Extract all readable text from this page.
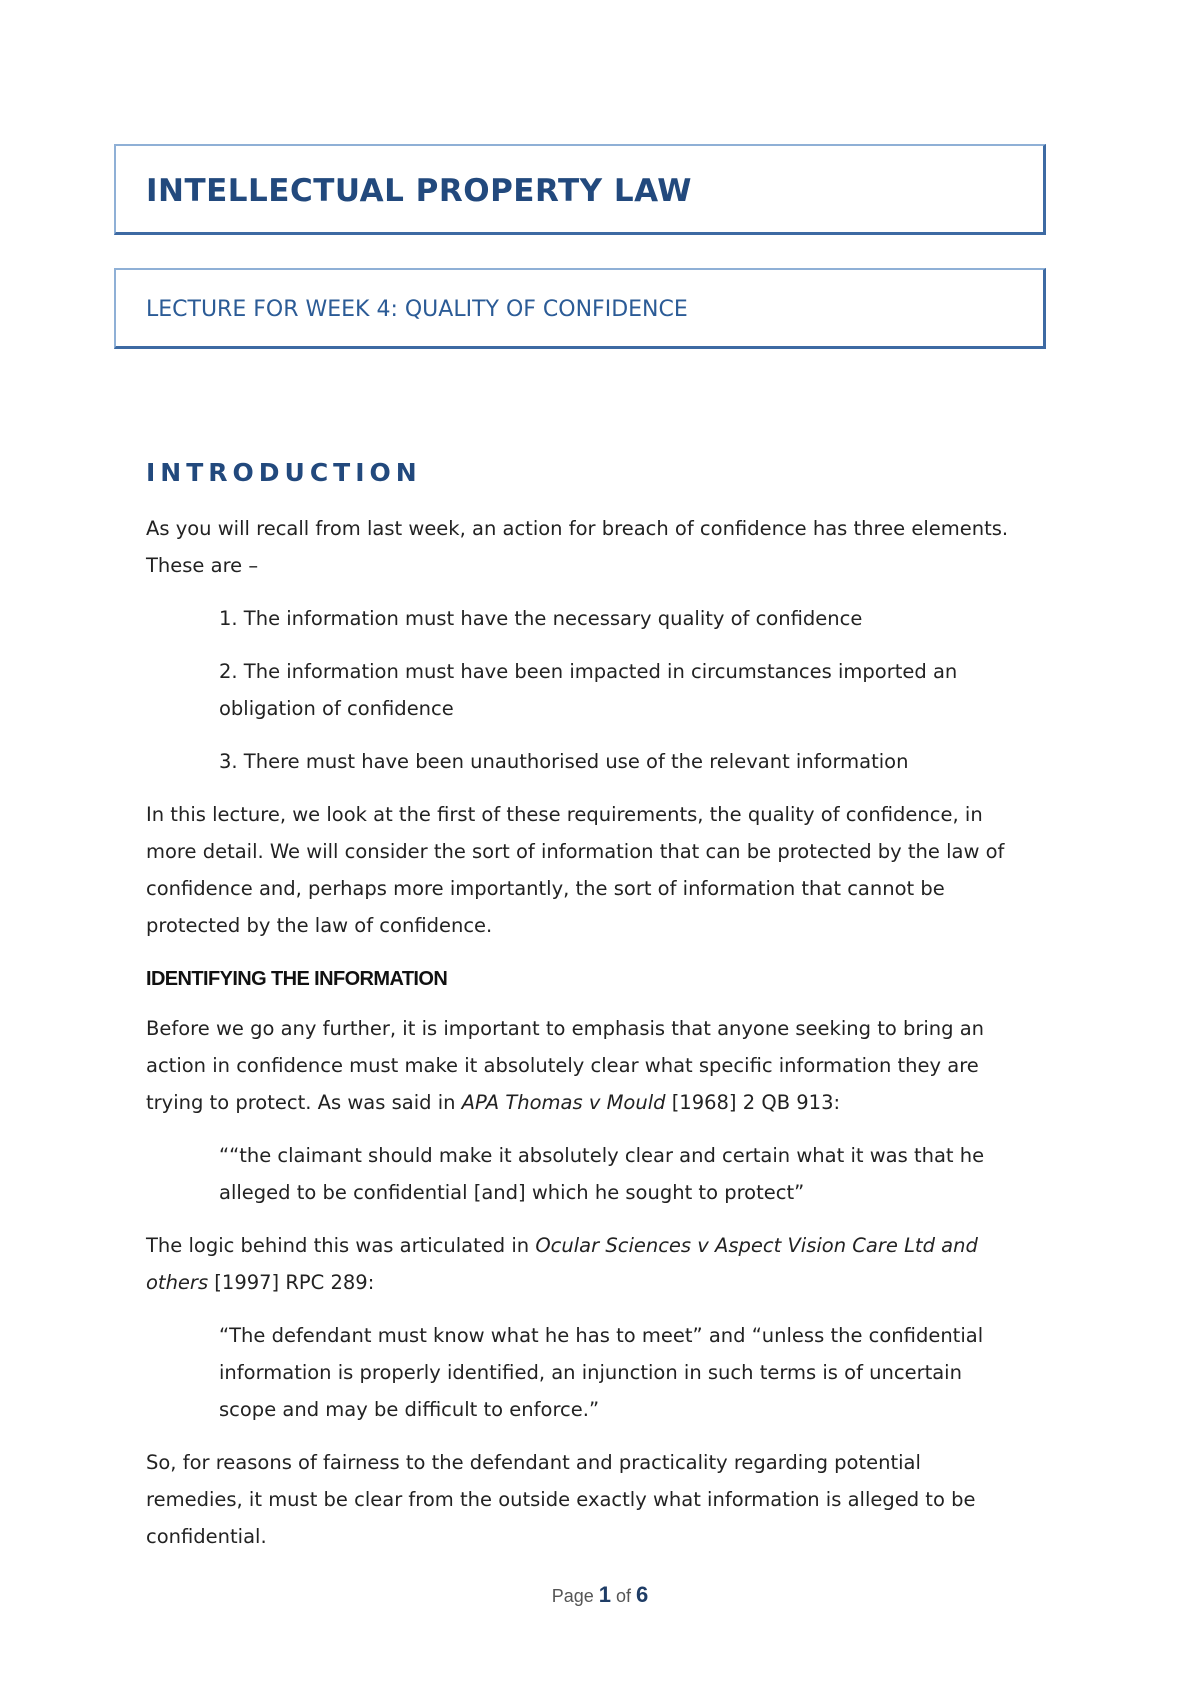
INTELLECTUAL PROPERTY LAW
LECTURE FOR WEEK 4: QUALITY OF CONFIDENCE
INTRODUCTION
As you will recall from last week, an action for breach of confidence has three elements.
These are –
1. The information must have the necessary quality of confidence
2. The information must have been impacted in circumstances imported an
obligation of confidence
3. There must have been unauthorised use of the relevant information
In this lecture, we look at the first of these requirements, the quality of confidence, in
more detail. We will consider the sort of information that can be protected by the law of
confidence and, perhaps more importantly, the sort of information that cannot be
protected by the law of confidence.
IDENTIFYING THE INFORMATION
Before we go any further, it is important to emphasis that anyone seeking to bring an
action in confidence must make it absolutely clear what specific information they are
trying to protect. As was said in APA Thomas v Mould [1968] 2 QB 913:
““the claimant should make it absolutely clear and certain what it was that he
alleged to be confidential [and] which he sought to protect”
The logic behind this was articulated in Ocular Sciences v Aspect Vision Care Ltd and
others [1997] RPC 289:
“The defendant must know what he has to meet” and “unless the confidential
information is properly identified, an injunction in such terms is of uncertain
scope and may be difficult to enforce.”
So, for reasons of fairness to the defendant and practicality regarding potential
remedies, it must be clear from the outside exactly what information is alleged to be
confidential.
Page 1 of 6
